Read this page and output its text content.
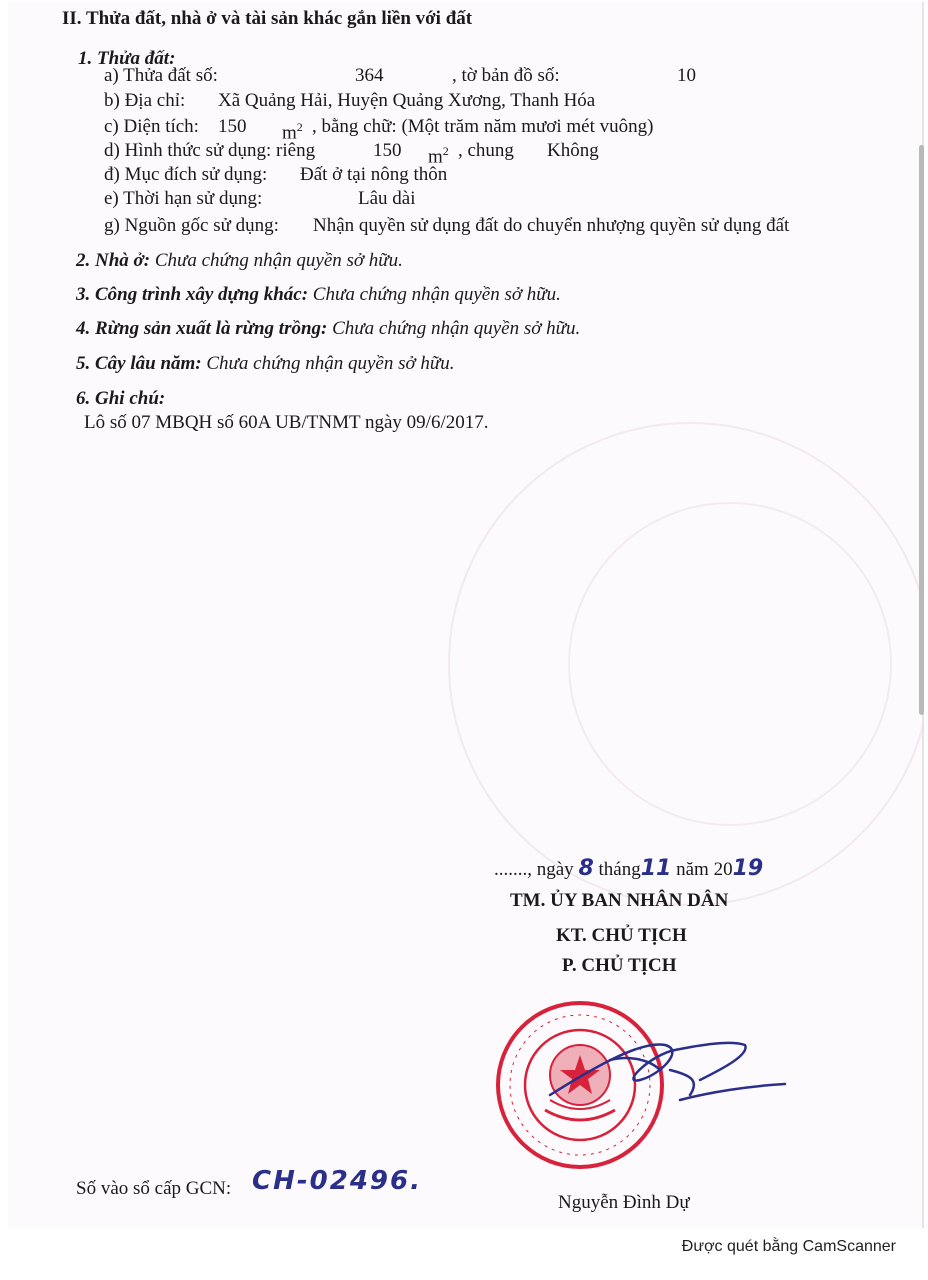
II. Thửa đất, nhà ở và tài sản khác gắn liền với đất
1. Thửa đất:
a) Thửa đất số:	364	, tờ bản đồ số:	10
b) Địa chỉ: Xã Quảng Hải, Huyện Quảng Xương, Thanh Hóa
c) Diện tích: 150 $m^2$ , bằng chữ: (Một trăm năm mươi mét vuông)
d) Hình thức sử dụng: riêng	150 $m^2$ , chung Không
đ) Mục đích sử dụng: Đất ở tại nông thôn
e) Thời hạn sử dụng:	Lâu dài
g) Nguồn gốc sử dụng: Nhận quyền sử dụng đất do chuyển nhượng quyền sử dụng đất
2. Nhà ở: Chưa chứng nhận quyền sở hữu.
3. Công trình xây dựng khác: Chưa chứng nhận quyền sở hữu.
4. Rừng sản xuất là rừng trồng: Chưa chứng nhận quyền sở hữu.
5. Cây lâu năm: Chưa chứng nhận quyền sở hữu.
6. Ghi chú:
Lô số 07 MBQH số 60A UB/TNMT ngày 09/6/2017.
......., ngày 8 tháng11 năm 2019
TM. ỦY BAN NHÂN DÂN
KT. CHỦ TỊCH
P. CHỦ TỊCH
Số vào sổ cấp GCN: CH-02496.
Nguyễn Đình Dự
Được quét bằng CamScanner
